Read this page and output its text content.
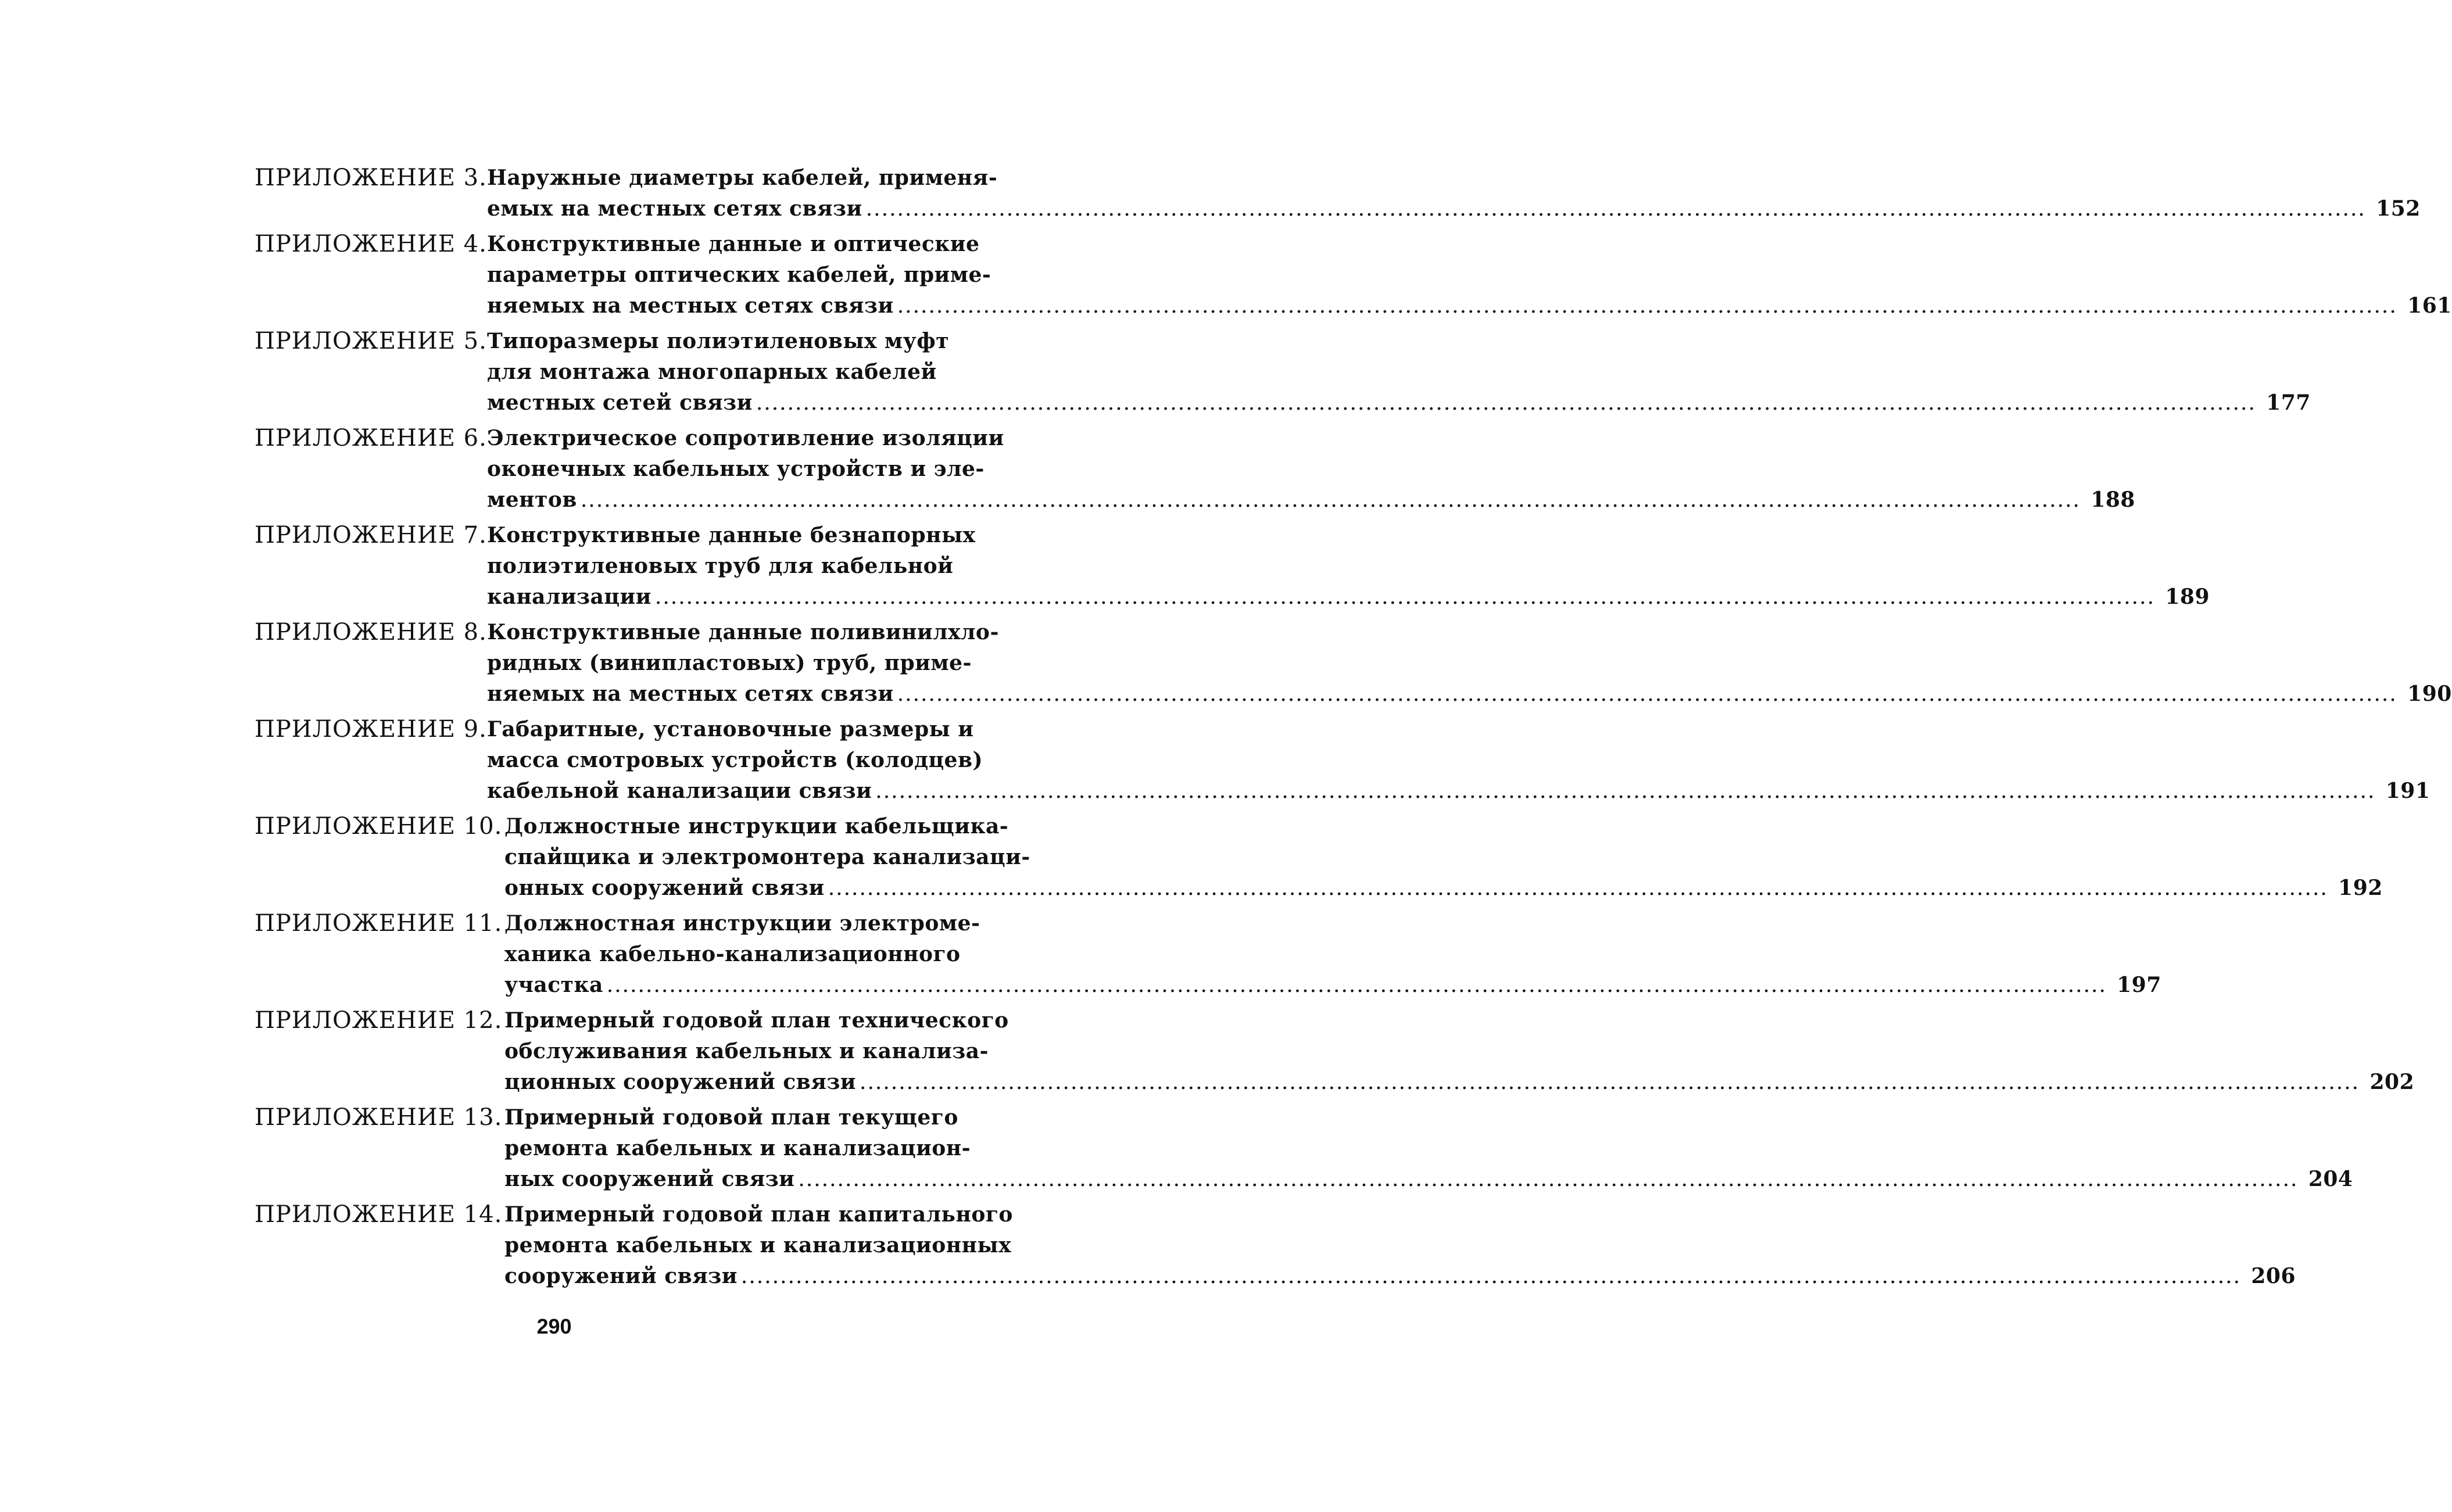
ПРИЛОЖЕНИЕ 3. Наружные диаметры кабелей, применя-
емых на местных сетях связи .....	152
ПРИЛОЖЕНИЕ 4. Конструктивные данные и оптические
параметры оптических кабелей, приме-
няемых на местных сетях связи .....	161
ПРИЛОЖЕНИЕ 5. Типоразмеры полиэтиленовых муфт
для монтажа многопарных кабелей
местных сетей связи .....	177
ПРИЛОЖЕНИЕ 6. Электрическое сопротивление изоляции
оконечных кабельных устройств и эле-
ментов .....	188
ПРИЛОЖЕНИЕ 7. Конструктивные данные безнапорных
полиэтиленовых труб для кабельной
канализации .....	189
ПРИЛОЖЕНИЕ 8. Конструктивные данные поливинилхло-
ридных (винипластовых) труб, приме-
няемых на местных сетях связи .....	190
ПРИЛОЖЕНИЕ 9. Габаритные, установочные размеры и
масса смотровых устройств (колодцев)
кабельной канализации связи .....	191
ПРИЛОЖЕНИЕ 10. Должностные инструкции кабельщика-
спайщика и электромонтера канализаци-
онных сооружений связи .....	192
ПРИЛОЖЕНИЕ 11. Должностная инструкции электроме-
ханика кабельно-канализационного
участка .....	197
ПРИЛОЖЕНИЕ 12. Примерный годовой план технического
обслуживания кабельных и канализа-
ционных сооружений связи .....	202
ПРИЛОЖЕНИЕ 13. Примерный годовой план текущего
ремонта кабельных и канализацион-
ных сооружений связи .....	204
ПРИЛОЖЕНИЕ 14. Примерный годовой план капитального
ремонта кабельных и канализационных
сооружений связи .....	206
290
